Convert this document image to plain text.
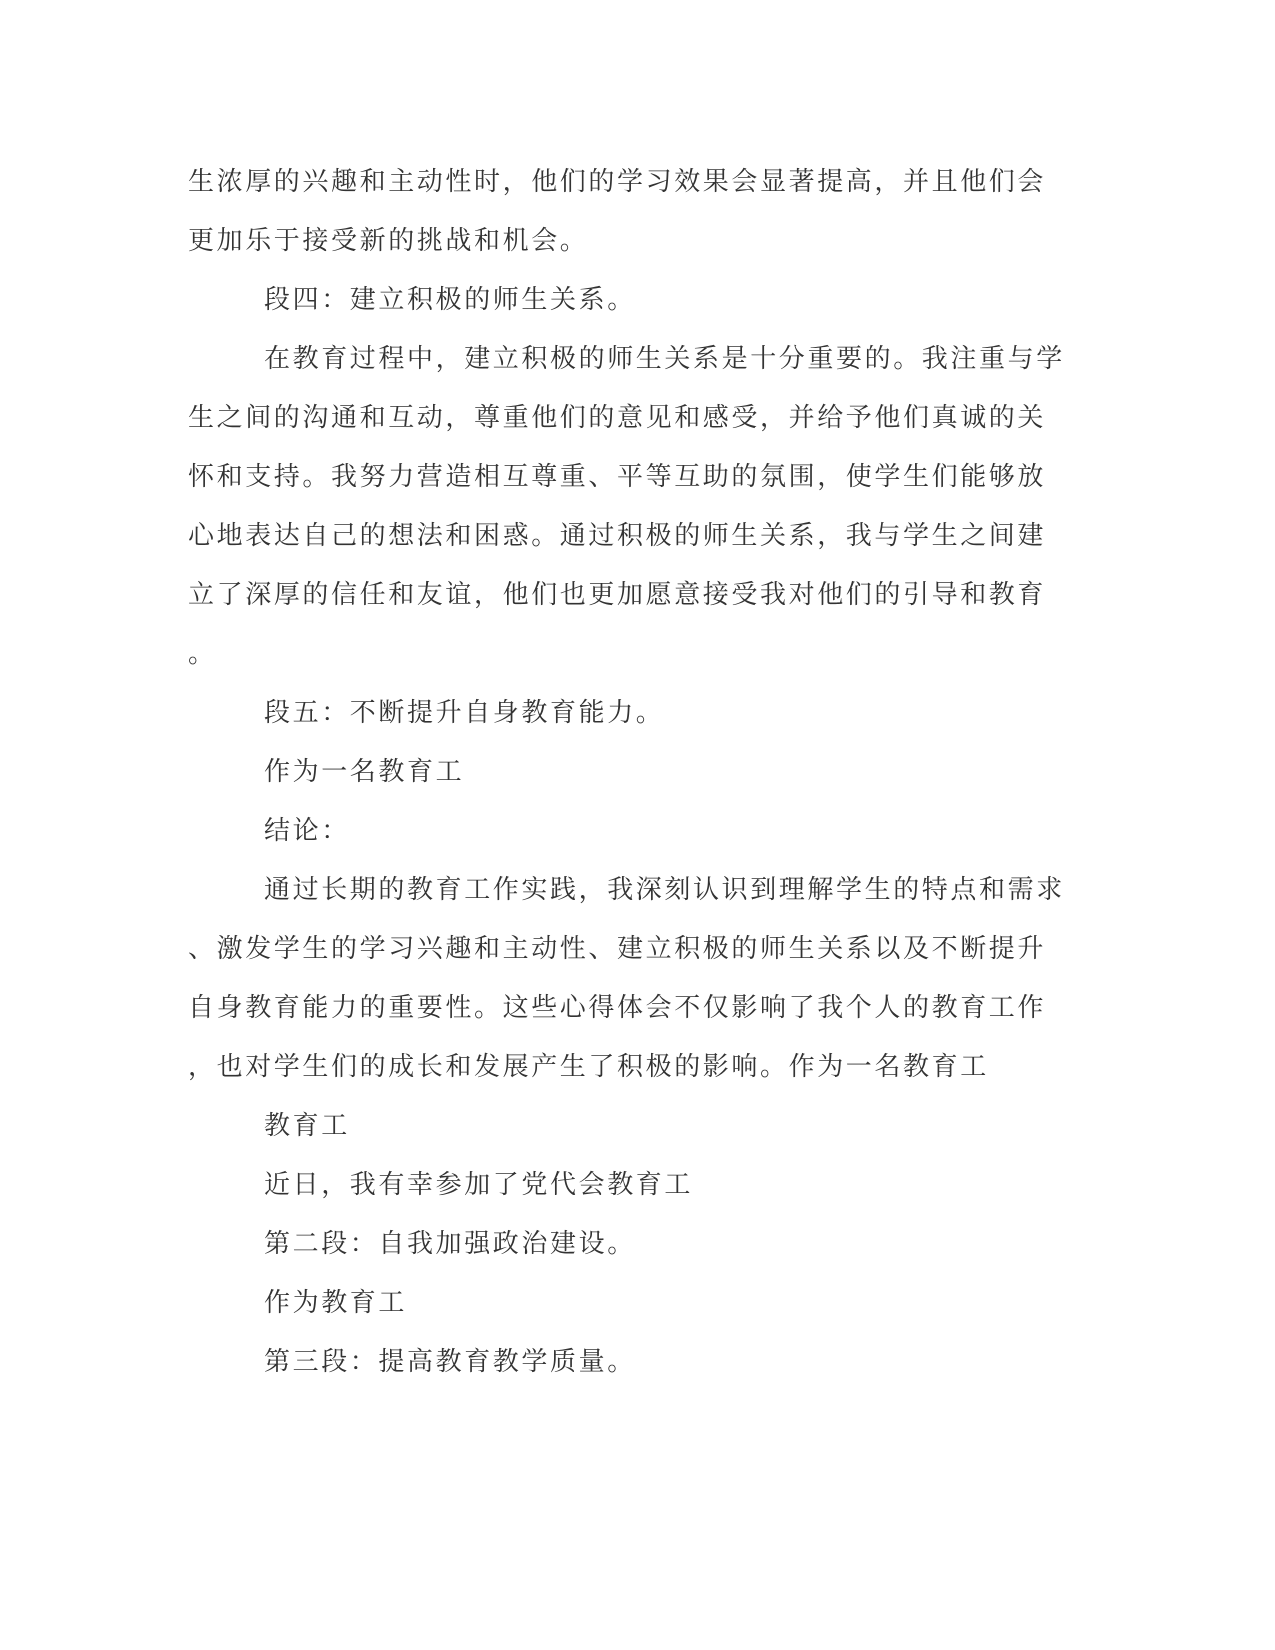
生浓厚的兴趣和主动性时，他们的学习效果会显著提高，并且他们会
更加乐于接受新的挑战和机会。
段四：建立积极的师生关系。
在教育过程中，建立积极的师生关系是十分重要的。我注重与学
生之间的沟通和互动，尊重他们的意见和感受，并给予他们真诚的关
怀和支持。我努力营造相互尊重、平等互助的氛围，使学生们能够放
心地表达自己的想法和困惑。通过积极的师生关系，我与学生之间建
立了深厚的信任和友谊，他们也更加愿意接受我对他们的引导和教育
。
段五：不断提升自身教育能力。
作为一名教育工
结论：
通过长期的教育工作实践，我深刻认识到理解学生的特点和需求
、激发学生的学习兴趣和主动性、建立积极的师生关系以及不断提升
自身教育能力的重要性。这些心得体会不仅影响了我个人的教育工作
，也对学生们的成长和发展产生了积极的影响。作为一名教育工
教育工
近日，我有幸参加了党代会教育工
第二段：自我加强政治建设。
作为教育工
第三段：提高教育教学质量。
